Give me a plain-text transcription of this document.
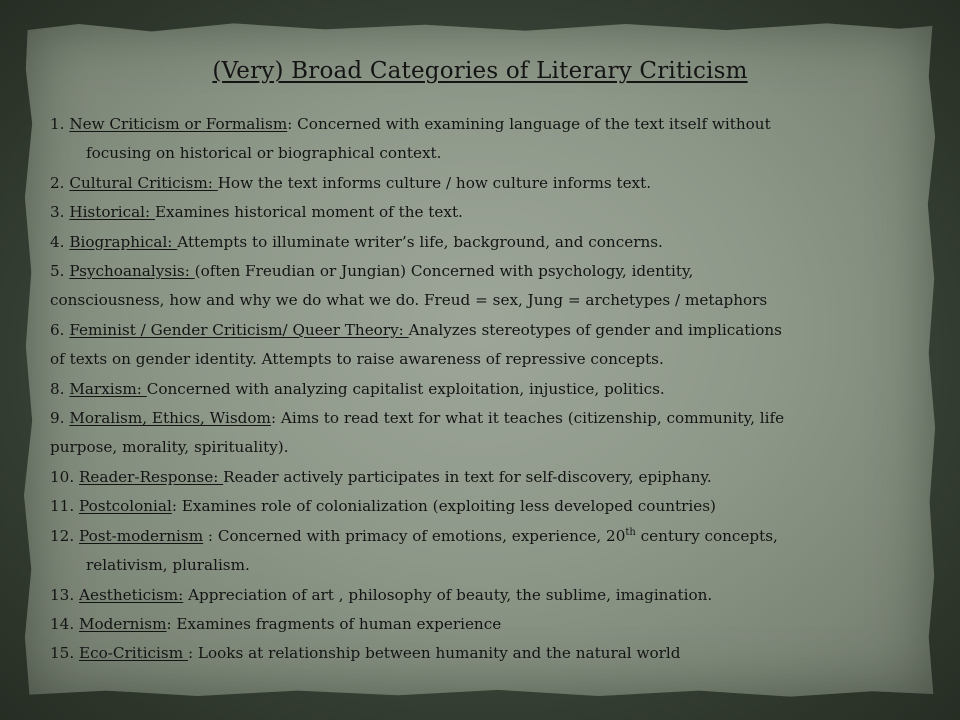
(Very) Broad Categories of Literary Criticism
1. New Criticism or Formalism: Concerned with examining language of the text itself without
focusing on historical or biographical context.
2. Cultural Criticism: How the text informs culture / how culture informs text.
3. Historical: Examines historical moment of the text.
4. Biographical: Attempts to illuminate writer’s life, background, and concerns.
5. Psychoanalysis: (often Freudian or Jungian) Concerned with psychology, identity,
consciousness, how and why we do what we do. Freud = sex, Jung = archetypes / metaphors
6. Feminist / Gender Criticism/ Queer Theory: Analyzes stereotypes of gender and implications
of texts on gender identity. Attempts to raise awareness of repressive concepts.
8. Marxism: Concerned with analyzing capitalist exploitation, injustice, politics.
9. Moralism, Ethics, Wisdom: Aims to read text for what it teaches (citizenship, community, life
purpose, morality, spirituality).
10. Reader-Response: Reader actively participates in text for self-discovery, epiphany.
11. Postcolonial: Examines role of colonialization (exploiting less developed countries)
12. Post-modernism : Concerned with primacy of emotions, experience, 20th century concepts,
relativism, pluralism.
13. Aestheticism: Appreciation of art , philosophy of beauty, the sublime, imagination.
14. Modernism: Examines fragments of human experience
15. Eco-Criticism : Looks at relationship between humanity and the natural world
